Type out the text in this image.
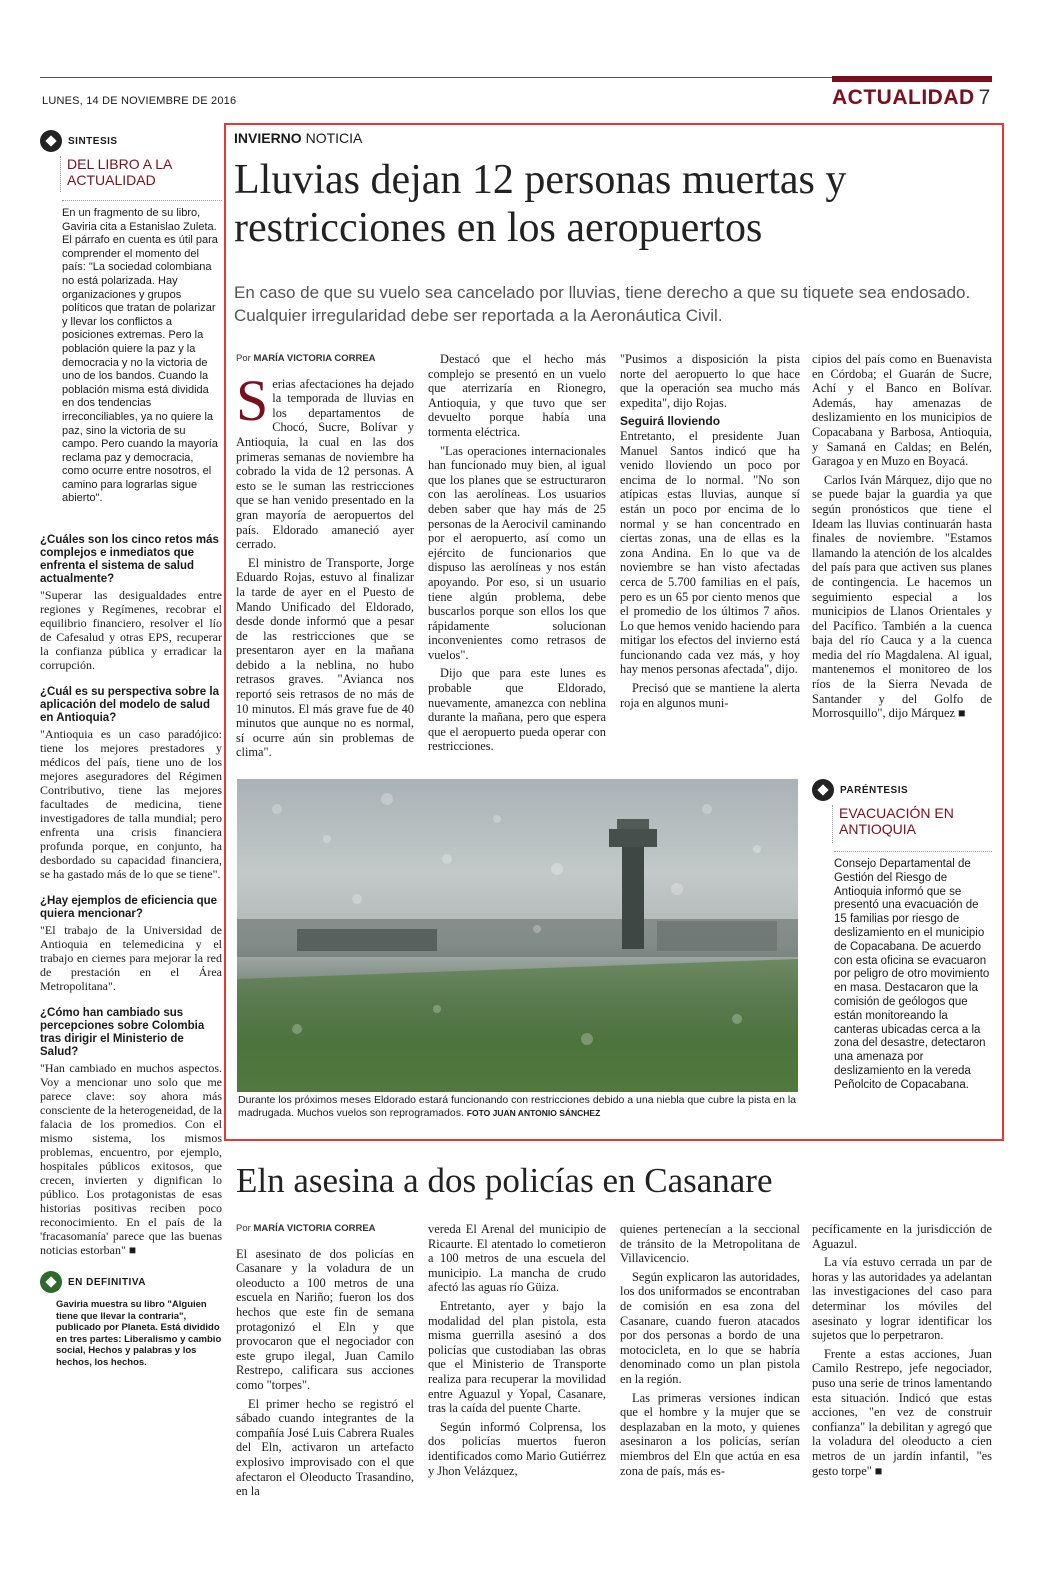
LUNES, 14 DE NOVIEMBRE DE 2016	ACTUALIDAD 7
SINTESIS
DEL LIBRO A LA ACTUALIDAD
En un fragmento de su libro, Gaviria cita a Estanislao Zuleta. El párrafo en cuenta es útil para comprender el momento del país: "La sociedad colombiana no está polarizada. Hay organizaciones y grupos políticos que tratan de polarizar y llevar los conflictos a posiciones extremas. Pero la población quiere la paz y la democracia y no la victoria de uno de los bandos. Cuando la población misma está dividida en dos tendencias irreconciliables, ya no quiere la paz, sino la victoria de su campo. Pero cuando la mayoría reclama paz y democracia, como ocurre entre nosotros, el camino para lograrlas sigue abierto".
¿Cuáles son los cinco retos más complejos e inmediatos que enfrenta el sistema de salud actualmente?
"Superar las desigualdades entre regiones y Regímenes, recobrar el equilibrio financiero, resolver el lío de Cafesalud y otras EPS, recuperar la confianza pública y erradicar la corrupción.
¿Cuál es su perspectiva sobre la aplicación del modelo de salud en Antioquia?
"Antioquia es un caso paradójico: tiene los mejores prestadores y médicos del país, tiene uno de los mejores aseguradores del Régimen Contributivo, tiene las mejores facultades de medicina, tiene investigadores de talla mundial; pero enfrenta una crisis financiera profunda porque, en conjunto, ha desbordado su capacidad financiera, se ha gastado más de lo que se tiene".
¿Hay ejemplos de eficiencia que quiera mencionar?
"El trabajo de la Universidad de Antioquia en telemedicina y el trabajo en ciernes para mejorar la red de prestación en el Área Metropolitana".
¿Cómo han cambiado sus percepciones sobre Colombia tras dirigir el Ministerio de Salud?
"Han cambiado en muchos aspectos. Voy a mencionar uno solo que me parece clave: soy ahora más consciente de la heterogeneidad, de la falacia de los promedios. Con el mismo sistema, los mismos problemas, encuentro, por ejemplo, hospitales públicos exitosos, que crecen, invierten y dignifican lo público. Los protagonistas de esas historias positivas reciben poco reconocimiento. En el país de la 'fracasomanía' parece que las buenas noticias estorban" ■
EN DEFINITIVA
Gaviria muestra su libro "Alguien tiene que llevar la contraria", publicado por Planeta. Está dividido en tres partes: Liberalismo y cambio social, Hechos y palabras y los hechos, los hechos.
INVIERNO NOTICIA
Lluvias dejan 12 personas muertas y restricciones en los aeropuertos
En caso de que su vuelo sea cancelado por lluvias, tiene derecho a que su tiquete sea endosado. Cualquier irregularidad debe ser reportada a la Aeronáutica Civil.
Por MARÍA VICTORIA CORREA

Serias afectaciones ha dejado la temporada de lluvias en los departamentos de Chocó, Sucre, Bolívar y Antioquia, la cual en las dos primeras semanas de noviembre ha cobrado la vida de 12 personas. A esto se le suman las restricciones que se han venido presentado en la gran mayoría de aeropuertos del país. Eldorado amaneció ayer cerrado.

El ministro de Transporte, Jorge Eduardo Rojas, estuvo al finalizar la tarde de ayer en el Puesto de Mando Unificado del Eldorado, desde donde informó que a pesar de las restricciones que se presentaron ayer en la mañana debido a la neblina, no hubo retrasos graves. "Avianca nos reportó seis retrasos de no más de 10 minutos. El más grave fue de 40 minutos que aunque no es normal, sí ocurre aún sin problemas de clima".

Destacó que el hecho más complejo se presentó en un vuelo que aterrizaría en Rionegro, Antioquia, y que tuvo que ser devuelto porque había una tormenta eléctrica.

"Las operaciones internacionales han funcionado muy bien, al igual que los planes que se estructuraron con las aerolíneas. Los usuarios deben saber que hay más de 25 personas de la Aerocivil caminando por el aeropuerto, así como un ejército de funcionarios que dispuso las aerolíneas y nos están apoyando. Por eso, si un usuario tiene algún problema, debe buscarlos porque son ellos los que rápidamente solucionan inconvenientes como retrasos de vuelos".

Dijo que para este lunes es probable que Eldorado, nuevamente, amanezca con neblina durante la mañana, pero que espera que el aeropuerto pueda operar con restricciones.

"Pusimos a disposición la pista norte del aeropuerto lo que hace que la operación sea mucho más expedita", dijo Rojas.

Seguirá lloviendo

Entretanto, el presidente Juan Manuel Santos indicó que ha venido lloviendo un poco por encima de lo normal. "No son atípicas estas lluvias, aunque sí están un poco por encima de lo normal y se han concentrado en ciertas zonas, una de ellas es la zona Andina. En lo que va de noviembre se han visto afectadas cerca de 5.700 familias en el país, pero es un 65 por ciento menos que el promedio de los últimos 7 años. Lo que hemos venido haciendo para mitigar los efectos del invierno está funcionando cada vez más, y hoy hay menos personas afectada", dijo.

Precisó que se mantiene la alerta roja en algunos muni-

cipios del país como en Buenavista en Córdoba; el Guarán de Sucre, Achí y el Banco en Bolívar. Además, hay amenazas de deslizamiento en los municipios de Copacabana y Barbosa, Antioquia, y Samaná en Caldas; en Belén, Garagoa y en Muzo en Boyacá.

Carlos Iván Márquez, dijo que no se puede bajar la guardia ya que según pronósticos que tiene el Ideam las lluvias continuarán hasta finales de noviembre. "Estamos llamando la atención de los alcaldes del país para que activen sus planes de contingencia. Le hacemos un seguimiento especial a los municipios de Llanos Orientales y del Pacífico. También a la cuenca baja del río Cauca y a la cuenca media del río Magdalena. Al igual, mantenemos el monitoreo de los ríos de la Sierra Nevada de Santander y del Golfo de Morrosquillo", dijo Márquez ■

Durante los próximos meses Eldorado estará funcionando con restricciones debido a una niebla que cubre la pista en la madrugada. Muchos vuelos son reprogramados. FOTO JUAN ANTONIO SÁNCHEZ
PARÉNTESIS
EVACUACIÓN EN ANTIOQUIA
Consejo Departamental de Gestión del Riesgo de Antioquia informó que se presentó una evacuación de 15 familias por riesgo de deslizamiento en el municipio de Copacabana. De acuerdo con esta oficina se evacuaron por peligro de otro movimiento en masa. Destacaron que la comisión de geólogos que están monitoreando la canteras ubicadas cerca a la zona del desastre, detectaron una amenaza por deslizamiento en la vereda Peñolcito de Copacabana.
Eln asesina a dos policías en Casanare
Por MARÍA VICTORIA CORREA

El asesinato de dos policías en Casanare y la voladura de un oleoducto a 100 metros de una escuela en Nariño; fueron los dos hechos que este fin de semana protagonizó el Eln y que provocaron que el negociador con este grupo ilegal, Juan Camilo Restrepo, calificara sus acciones como "torpes".

El primer hecho se registró el sábado cuando integrantes de la compañía José Luis Cabrera Ruales del Eln, activaron un artefacto explosivo improvisado con el que afectaron el Oleoducto Trasandino, en la

vereda El Arenal del municipio de Ricaurte. El atentado lo cometieron a 100 metros de una escuela del municipio. La mancha de crudo afectó las aguas río Güiza.

Entretanto, ayer y bajo la modalidad del plan pistola, esta misma guerrilla asesinó a dos policías que custodiaban las obras que el Ministerio de Transporte realiza para recuperar la movilidad entre Aguazul y Yopal, Casanare, tras la caída del puente Charte.

Según informó Colprensa, los dos policías muertos fueron identificados como Mario Gutiérrez y Jhon Velázquez,

quienes pertenecían a la seccional de tránsito de la Metropolitana de Villavicencio.

Según explicaron las autoridades, los dos uniformados se encontraban de comisión en esa zona del Casanare, cuando fueron atacados por dos personas a bordo de una motocicleta, en lo que se habría denominado como un plan pistola en la región.

Las primeras versiones indican que el hombre y la mujer que se desplazaban en la moto, y quienes asesinaron a los policías, serían miembros del Eln que actúa en esa zona de país, más es-

pecíficamente en la jurisdicción de Aguazul.

La vía estuvo cerrada un par de horas y las autoridades ya adelantan las investigaciones del caso para determinar los móviles del asesinato y lograr identificar los sujetos que lo perpetraron.

Frente a estas acciones, Juan Camilo Restrepo, jefe negociador, puso una serie de trinos lamentando esta situación. Indicó que estas acciones, "en vez de construir confianza" la debilitan y agregó que la voladura del oleoducto a cien metros de un jardín infantil, "es gesto torpe" ■
